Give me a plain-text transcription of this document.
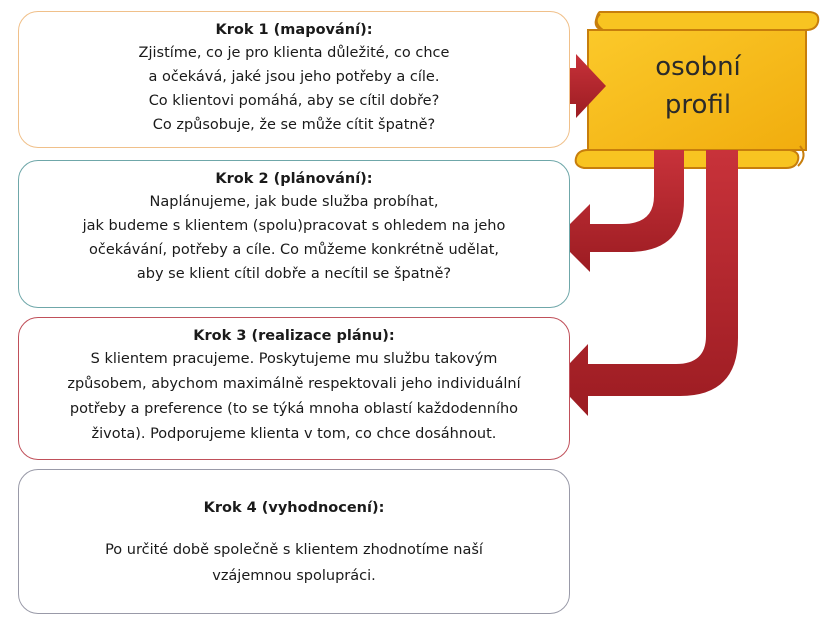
osobní
profil
Krok 1 (mapování):
Zjistíme, co je pro klienta důležité, co chce
a očekává, jaké jsou jeho potřeby a cíle.
Co klientovi pomáhá, aby se cítil dobře?
Co způsobuje, že se může cítit špatně?
Krok 2 (plánování):
Naplánujeme, jak bude služba probíhat,
jak budeme s klientem (spolu)pracovat s ohledem na jeho
očekávání, potřeby a cíle. Co můžeme konkrétně udělat,
aby se klient cítil dobře a necítil se špatně?
Krok 3 (realizace plánu):
S klientem pracujeme. Poskytujeme mu službu takovým
způsobem, abychom maximálně respektovali jeho individuální
potřeby a preference (to se týká mnoha oblastí každodenního
života). Podporujeme klienta v tom, co chce dosáhnout.
Krok 4 (vyhodnocení):
Po určité době společně s klientem zhodnotíme naší
vzájemnou spolupráci.
